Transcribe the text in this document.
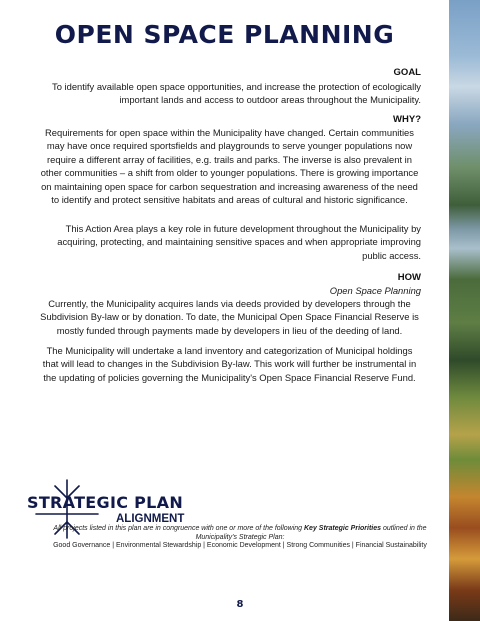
OPEN SPACE PLANNING
GOAL
To identify available open space opportunities, and increase the protection of ecologically important lands and access to outdoor areas throughout the Municipality.
WHY?
Requirements for open space within the Municipality have changed. Certain communities may have once required sportsfields and playgrounds to serve younger populations now require a different array of facilities, e.g. trails and parks. The inverse is also prevalent in other communities – a shift from older to younger populations. There is growing importance on maintaining open space for carbon sequestration and increasing awareness of the need to identify and protect sensitive habitats and areas of cultural and historic significance.
This Action Area plays a key role in future development throughout the Municipality by acquiring, protecting, and maintaining sensitive spaces and when appropriate improving public access.
HOW
Open Space Planning
Currently, the Municipality acquires lands via deeds provided by developers through the Subdivision By-law or by donation. To date, the Municipal Open Space Financial Reserve is mostly funded through payments made by developers in lieu of the deeding of land.
The Municipality will undertake a land inventory and categorization of Municipal holdings that will lead to changes in the Subdivision By-law. This work will further be instrumental in the updating of policies governing the Municipality's Open Space Financial Reserve Fund.
STRATEGIC PLAN
ALIGNMENT
All projects listed in this plan are in congruence with one or more of the following Key Strategic Priorities outlined in the Municipality's Strategic Plan:
Good Governance | Environmental Stewardship | Economic Development | Strong Communities | Financial Sustainability
8
